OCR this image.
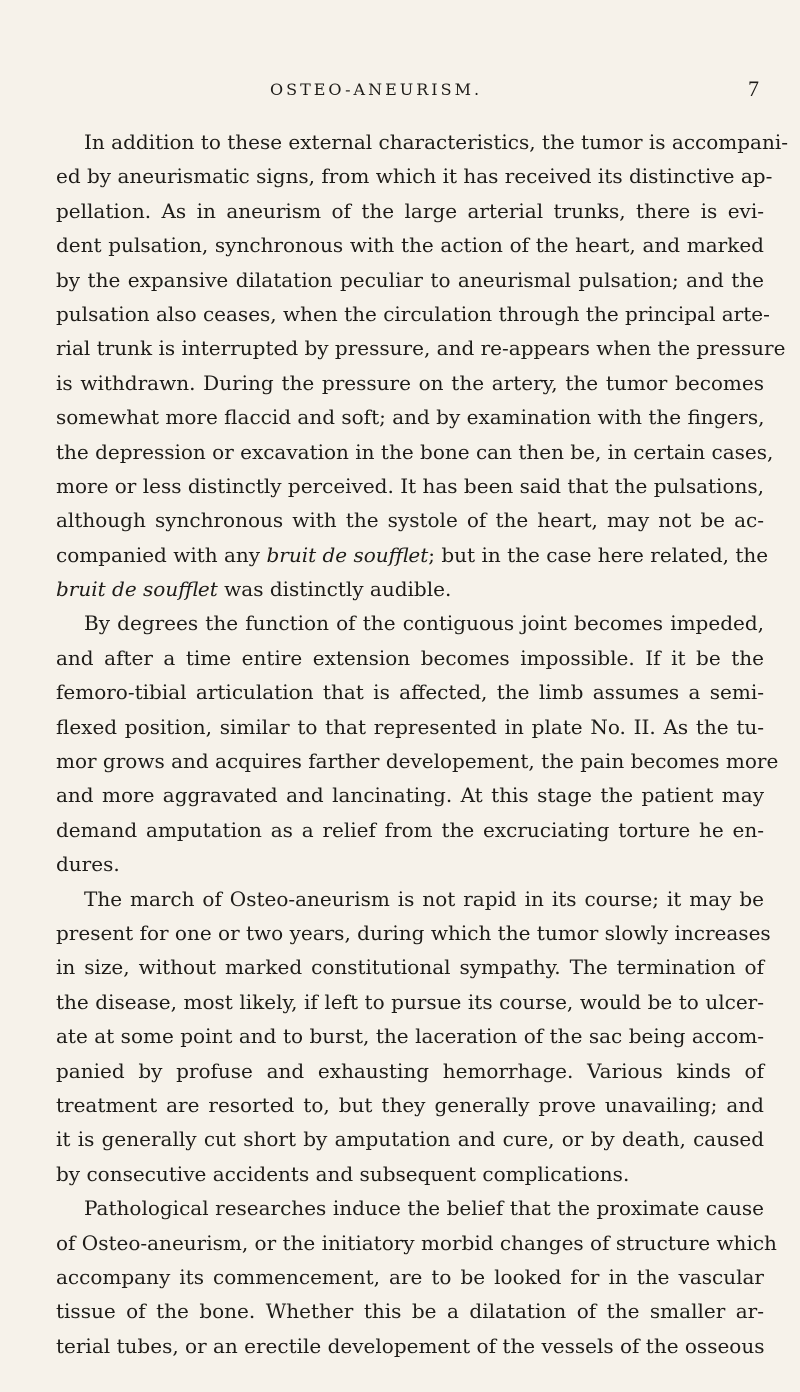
OSTEO-ANEURISM.	7
In addition to these external characteristics, the tumor is accompani-
ed by aneurismatic signs, from which it has received its distinctive ap-
pellation. As in aneurism of the large arterial trunks, there is evi-
dent pulsation, synchronous with the action of the heart, and marked
by the expansive dilatation peculiar to aneurismal pulsation; and the
pulsation also ceases, when the circulation through the principal arte-
rial trunk is interrupted by pressure, and re-appears when the pressure
is withdrawn. During the pressure on the artery, the tumor becomes
somewhat more flaccid and soft; and by examination with the fingers,
the depression or excavation in the bone can then be, in certain cases,
more or less distinctly perceived. It has been said that the pulsations,
although synchronous with the systole of the heart, may not be ac-
companied with any bruit de soufflet; but in the case here related, the
bruit de soufflet was distinctly audible.
By degrees the function of the contiguous joint becomes impeded,
and after a time entire extension becomes impossible. If it be the
femoro-tibial articulation that is affected, the limb assumes a semi-
flexed position, similar to that represented in plate No. II. As the tu-
mor grows and acquires farther developement, the pain becomes more
and more aggravated and lancinating. At this stage the patient may
demand amputation as a relief from the excruciating torture he en-
dures.
The march of Osteo-aneurism is not rapid in its course; it may be
present for one or two years, during which the tumor slowly increases
in size, without marked constitutional sympathy. The termination of
the disease, most likely, if left to pursue its course, would be to ulcer-
ate at some point and to burst, the laceration of the sac being accom-
panied by profuse and exhausting hemorrhage. Various kinds of
treatment are resorted to, but they generally prove unavailing; and
it is generally cut short by amputation and cure, or by death, caused
by consecutive accidents and subsequent complications.
Pathological researches induce the belief that the proximate cause
of Osteo-aneurism, or the initiatory morbid changes of structure which
accompany its commencement, are to be looked for in the vascular
tissue of the bone. Whether this be a dilatation of the smaller ar-
terial tubes, or an erectile developement of the vessels of the osseous
